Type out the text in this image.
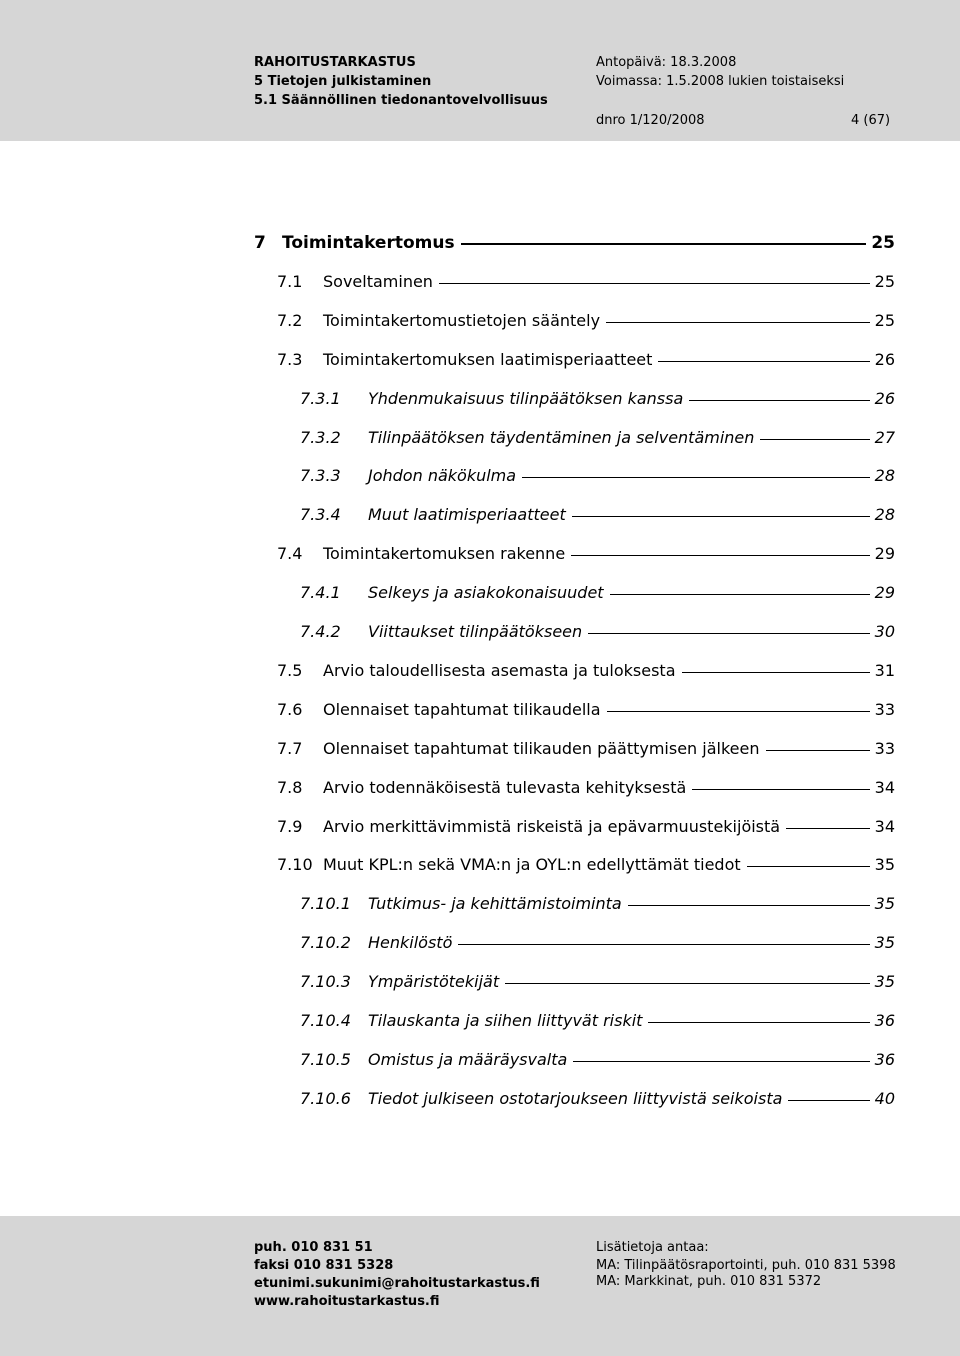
RAHOITUSTARKASTUS
5 Tietojen julkistaminen
5.1 Säännöllinen tiedonantovelvollisuus
Antopäivä: 18.3.2008
Voimassa: 1.5.2008 lukien toistaiseksi
dnro 1/120/2008	4 (67)
7 Toimintakertomus	25
7.1	Soveltaminen	25
7.2	Toimintakertomustietojen sääntely	25
7.3	Toimintakertomuksen laatimisperiaatteet	26
7.3.1	Yhdenmukaisuus tilinpäätöksen kanssa	26
7.3.2	Tilinpäätöksen täydentäminen ja selventäminen	27
7.3.3	Johdon näkökulma	28
7.3.4	Muut laatimisperiaatteet	28
7.4	Toimintakertomuksen rakenne	29
7.4.1	Selkeys ja asiakokonaisuudet	29
7.4.2	Viittaukset tilinpäätökseen	30
7.5	Arvio taloudellisesta asemasta ja tuloksesta	31
7.6	Olennaiset tapahtumat tilikaudella	33
7.7	Olennaiset tapahtumat tilikauden päättymisen jälkeen	33
7.8	Arvio todennäköisestä tulevasta kehityksestä	34
7.9	Arvio merkittävimmistä riskeistä ja epävarmuustekijöistä	34
7.10 Muut KPL:n sekä VMA:n ja OYL:n edellyttämät tiedot	35
7.10.1	Tutkimus- ja kehittämistoiminta	35
7.10.2	Henkilöstö	35
7.10.3	Ympäristötekijät	35
7.10.4	Tilauskanta ja siihen liittyvät riskit	36
7.10.5	Omistus ja määräysvalta	36
7.10.6	Tiedot julkiseen ostotarjoukseen liittyvistä seikoista	40
puh. 010 831 51
faksi 010 831 5328
etunimi.sukunimi@rahoitustarkastus.fi
www.rahoitustarkastus.fi
Lisätietoja antaa:
MA: Tilinpäätösraportointi, puh. 010 831 5398
MA: Markkinat, puh. 010 831 5372
